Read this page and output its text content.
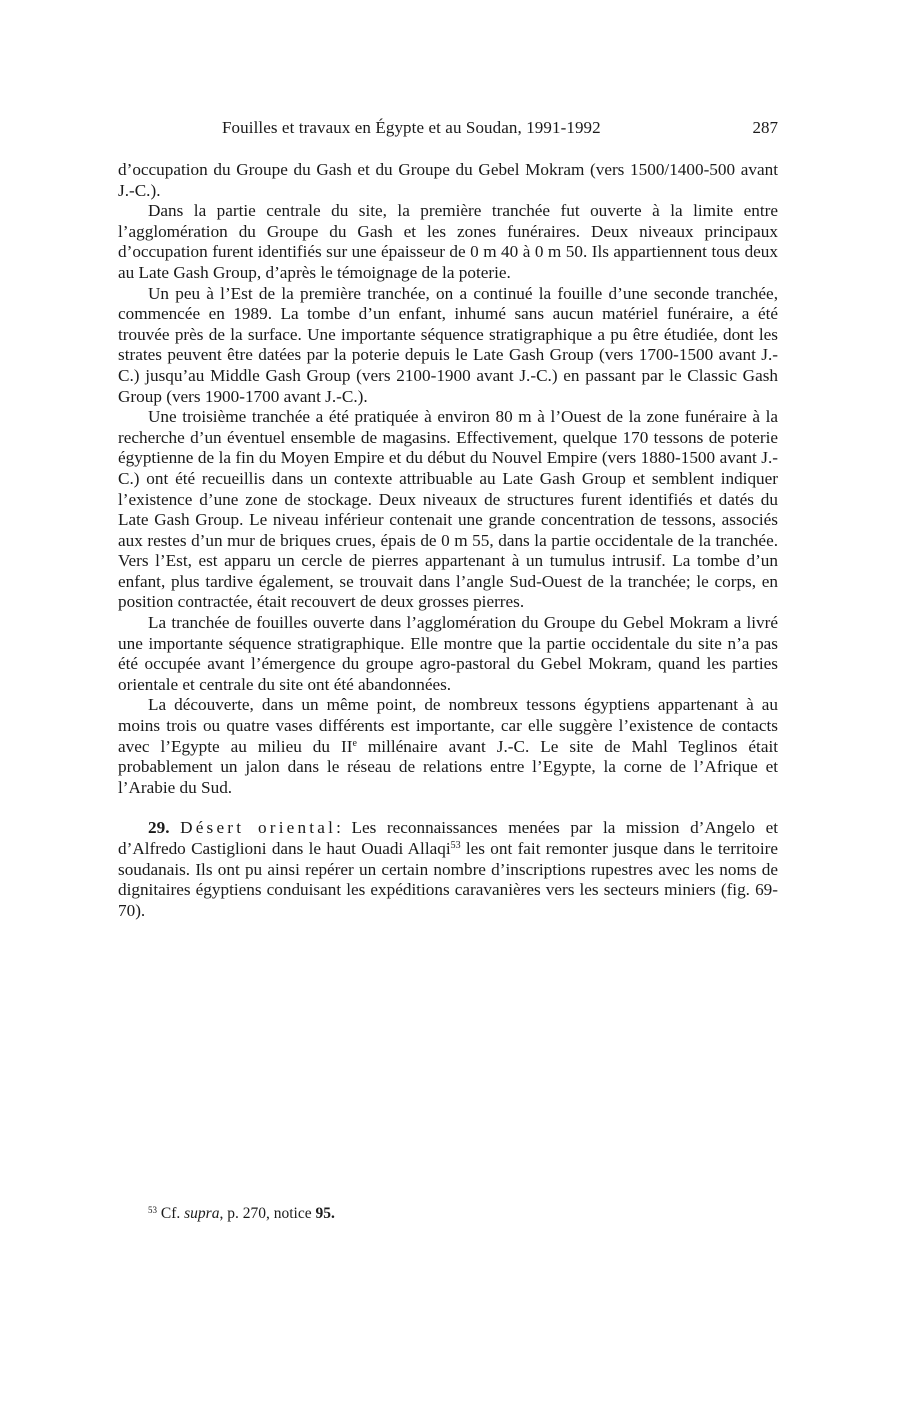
Fouilles et travaux en Égypte et au Soudan, 1991-1992	287

d’occupation du Groupe du Gash et du Groupe du Gebel Mokram (vers 1500/1400-500 avant J.-C.).

Dans la partie centrale du site, la première tranchée fut ouverte à la limite entre l’agglomération du Groupe du Gash et les zones funéraires. Deux niveaux principaux d’occupation furent identifiés sur une épaisseur de 0 m 40 à 0 m 50. Ils appartiennent tous deux au Late Gash Group, d’après le témoignage de la poterie.

Un peu à l’Est de la première tranchée, on a continué la fouille d’une seconde tranchée, commencée en 1989. La tombe d’un enfant, inhumé sans aucun matériel funéraire, a été trouvée près de la surface. Une importante séquence stratigraphique a pu être étudiée, dont les strates peuvent être datées par la poterie depuis le Late Gash Group (vers 1700-1500 avant J.-C.) jusqu’au Middle Gash Group (vers 2100-1900 avant J.-C.) en passant par le Classic Gash Group (vers 1900-1700 avant J.-C.).

Une troisième tranchée a été pratiquée à environ 80 m à l’Ouest de la zone funéraire à la recherche d’un éventuel ensemble de magasins. Effectivement, quelque 170 tessons de poterie égyptienne de la fin du Moyen Empire et du début du Nouvel Empire (vers 1880-1500 avant J.-C.) ont été recueillis dans un contexte attribuable au Late Gash Group et semblent indiquer l’existence d’une zone de stockage. Deux niveaux de structures furent identifiés et datés du Late Gash Group. Le niveau inférieur contenait une grande concentration de tessons, associés aux restes d’un mur de briques crues, épais de 0 m 55, dans la partie occidentale de la tranchée. Vers l’Est, est apparu un cercle de pierres appartenant à un tumulus intrusif. La tombe d’un enfant, plus tardive également, se trouvait dans l’angle Sud-Ouest de la tranchée; le corps, en position contractée, était recouvert de deux grosses pierres.

La tranchée de fouilles ouverte dans l’agglomération du Groupe du Gebel Mokram a livré une importante séquence stratigraphique. Elle montre que la partie occidentale du site n’a pas été occupée avant l’émergence du groupe agro-pastoral du Gebel Mokram, quand les parties orientale et centrale du site ont été abandonnées.

La découverte, dans un même point, de nombreux tessons égyptiens appartenant à au moins trois ou quatre vases différents est importante, car elle suggère l’existence de contacts avec l’Egypte au milieu du IIe millénaire avant J.-C. Le site de Mahl Teglinos était probablement un jalon dans le réseau de relations entre l’Egypte, la corne de l’Afrique et l’Arabie du Sud.

29. Désert oriental: Les reconnaissances menées par la mission d’Angelo et d’Alfredo Castiglioni dans le haut Ouadi Allaqi$^{53}$ les ont fait remonter jusque dans le territoire soudanais. Ils ont pu ainsi repérer un certain nombre d’inscriptions rupestres avec les noms de dignitaires égyptiens conduisant les expéditions caravanières vers les secteurs miniers (fig. 69-70).

$^{53}$ Cf. supra, p. 270, notice 95.
